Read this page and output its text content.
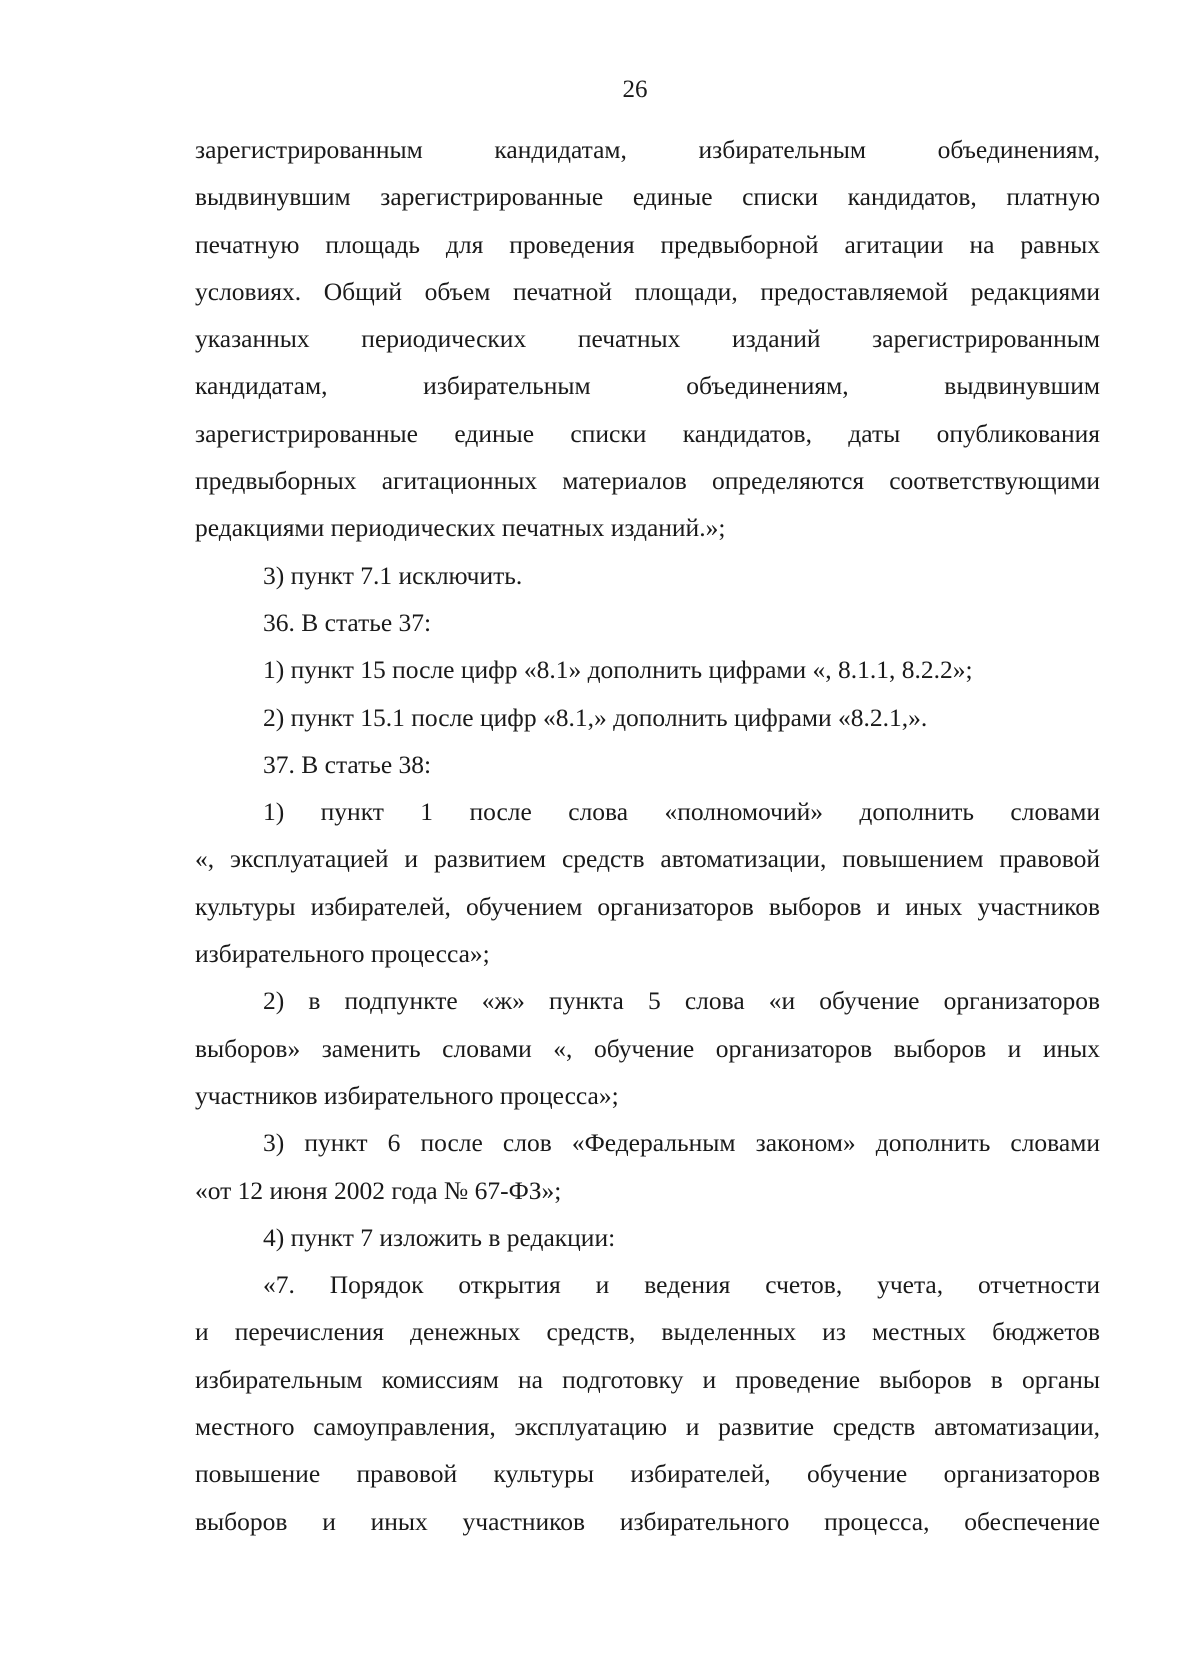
26
зарегистрированным кандидатам, избирательным объединениям,
выдвинувшим зарегистрированные единые списки кандидатов, платную
печатную площадь для проведения предвыборной агитации на равных
условиях. Общий объем печатной площади, предоставляемой редакциями
указанных периодических печатных изданий зарегистрированным
кандидатам, избирательным объединениям, выдвинувшим
зарегистрированные единые списки кандидатов, даты опубликования
предвыборных агитационных материалов определяются соответствующими
редакциями периодических печатных изданий.»;
3) пункт 7.1 исключить.
36. В статье 37:
1) пункт 15 после цифр «8.1» дополнить цифрами «, 8.1.1, 8.2.2»;
2) пункт 15.1 после цифр «8.1,» дополнить цифрами «8.2.1,».
37. В статье 38:
1) пункт 1 после слова «полномочий» дополнить словами
«, эксплуатацией и развитием средств автоматизации, повышением правовой
культуры избирателей, обучением организаторов выборов и иных участников
избирательного процесса»;
2) в подпункте «ж» пункта 5 слова «и обучение организаторов
выборов» заменить словами «, обучение организаторов выборов и иных
участников избирательного процесса»;
3) пункт 6 после слов «Федеральным законом» дополнить словами
«от 12 июня 2002 года № 67-ФЗ»;
4) пункт 7 изложить в редакции:
«7. Порядок открытия и ведения счетов, учета, отчетности
и перечисления денежных средств, выделенных из местных бюджетов
избирательным комиссиям на подготовку и проведение выборов в органы
местного самоуправления, эксплуатацию и развитие средств автоматизации,
повышение правовой культуры избирателей, обучение организаторов
выборов и иных участников избирательного процесса, обеспечение
